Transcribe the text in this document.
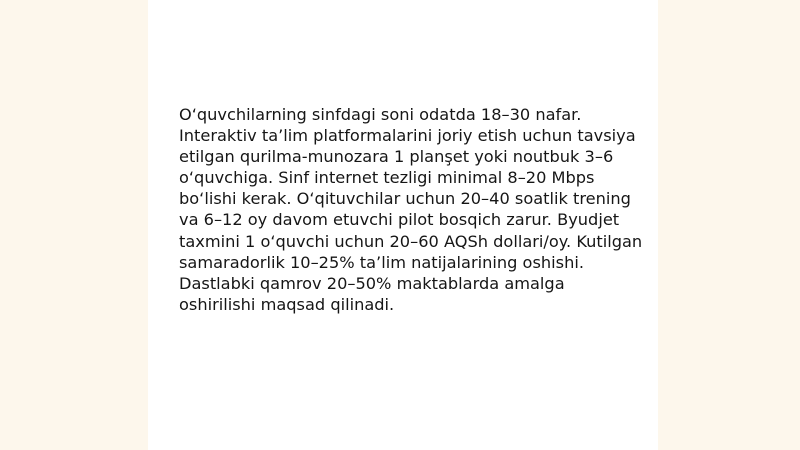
O‘quvchilarning sinfdagi soni odatda 18–30 nafar. Interaktiv ta’lim platformalarini joriy etish uchun tavsiya etilgan qurilma-munozara 1 planşet yoki noutbuk 3–6 o‘quvchiga. Sinf internet tezligi minimal 8–20 Mbps bo‘lishi kerak. O‘qituvchilar uchun 20–40 soatlik trening va 6–12 oy davom etuvchi pilot bosqich zarur. Byudjet taxmini 1 o‘quvchi uchun 20–60 AQSh dollari/oy. Kutilgan samaradorlik 10–25% ta’lim natijalarining oshishi. Dastlabki qamrov 20–50% maktablarda amalga oshirilishi maqsad qilinadi.
